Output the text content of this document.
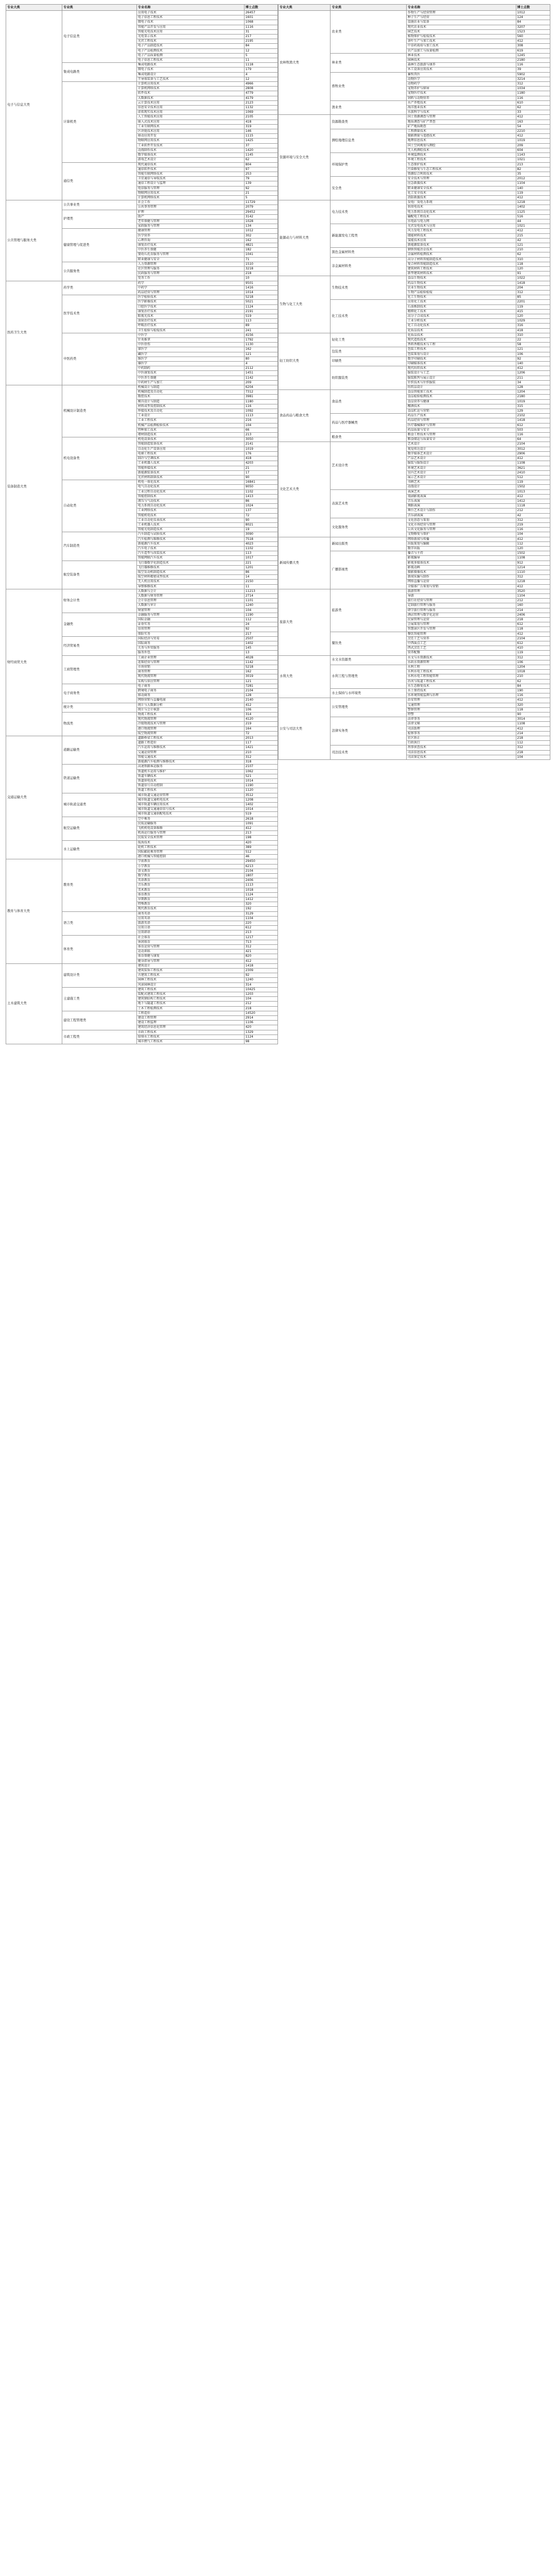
专业大类	专业类	专业名称	博士点数
电子与信息大类	电子信息类	应用电子技术	26457
		电子信息工程技术	1601
		微电子技术	1068
		智能产品开发与应用	1116
		智能光电技术应用	31
		光电显示技术	217
		光伏工程技术	2195
		电子产品制造技术	84
		电子产品检测技术	12
		电子产品质量检测	5
		电子信息工程技术	11
	集成电路类	集成电路技术	1118
		微电子技术	179
		集成电路设计	4
		半导体装备与工艺技术	12
	计算机类	计算机应用技术	4966
		计算机网络技术	2808
		软件技术	4779
		大数据技术	4179
		云计算技术应用	2123
		信息安全技术应用	1132
		虚拟现实技术应用	1069
		人工智能技术应用	2105
		嵌入式技术应用	418
		工业互联网技术	319
		区块链技术应用	146
		移动应用开发	1115
		物联网应用技术	1425
		工业软件开发技术	37
		动漫制作技术	1420
		数字媒体技术	1145
		游戏艺术设计	62
	通信类	现代通信技术	804
		通信软件技术	97
		智能互联网络技术	253
		卫星通信与导航技术	79
		通信工程设计与监理	139
		电信服务与管理	92
		物联网应用技术	21
		计算机网络技术	5
公共管理与服务大类	公共事业类	社会工作	11729
		公共事务管理	2079
	护理类	护理	29452
		助产	3142
		老年保健与管理	1028
		家政服务与管理	134
	健康管理与促进类	健康管理	1012
		医学营养	302
		心理咨询	162
		康复治疗技术	4821
		中医养生保健	182
		婴幼儿托育服务与管理	1041
		职业健康与安全	71
	公共服务类	人力资源管理	1510
		社区管理与服务	3218
		民政服务与管理	218
		党务工作	10
医药卫生大类	药学类	药学	9501
		中药学	1416
		药品经营与管理	1014
	医学技术类	医学检验技术	5218
		医学影像技术	5021
		口腔医学技术	1124
		康复治疗技术	2191
		眼视光技术	519
		放射治疗技术	113
		呼吸治疗技术	89
		卫生检验与检疫技术	241
	中医药类	中医学	4156
		针灸推拿	1792
		中医骨伤	1130
		蒙医学	162
		藏医学	121
		维医学	80
		傣医学	4
		中药制药	2112
		中医康复技术	1451
		中医养生保健	1142
		中药材生产与加工	209
装备制造大类	机械设计制造类	机械设计与制造	6204
		机械制造及自动化	7312
		数控技术	3981
		模具设计与制造	1180
		材料成型及控制技术	116
		焊接技术及自动化	1092
		工业设计	1113
		工业工程技术	216
		机械产品检测检验技术	104
		特种加工技术	66
		增材制造技术	213
	机电设备类	机电设备技术	3050
		智能制造装备技术	2141
		自动化生产设备应用	1019
		电梯工程技术	176
		制冷与空调技术	418
		工业机器人技术	4203
		智能焊接技术	21
		新能源装备技术	17
		光伏材料制备技术	90
	自动化类	机电一体化技术	16841
		电气自动化技术	9050
		工业过程自动化技术	1102
		智能控制技术	1413
		液压与气动技术	86
		电力系统自动化技术	1024
		工业网络技术	137
		智能机电技术	72
		工业自动化仪表技术	90
		工业机器人技术	8021
		智能光电制造技术	19
	汽车制造类	汽车制造与试验技术	3090
		汽车检测与维修技术	7518
		新能源汽车技术	4023
		汽车电子技术	1102
		汽车造型与改装技术	113
		智能网联汽车技术	1017
	航空装备类	飞行器数字化制造技术	221
		飞行器维修技术	1201
		航空发动机制造技术	86
		航空材料精密成型技术	14
		无人机应用技术	2150
		导弹维修技术	11
财经商贸大类	财务会计类	大数据与会计	11213
		大数据与财务管理	2714
		会计信息管理	1101
		大数据与审计	1240
		财富管理	104
	金融类	金融服务与管理	1190
		国际金融	112
		证券实务	24
		信用管理	92
		保险实务	217
	经济贸易类	国际经济与贸易	2507
		国际商务	1402
		关务与外贸服务	145
		服务外包	13
	工商管理类	工商企业管理	4028
		连锁经营与管理	1142
		市场营销	5218
		商务管理	162
		现代物流管理	3019
		采购与供应管理	121
	电子商务类	电子商务	7281
		跨境电子商务	2104
		移动商务	128
		网络营销与直播电商	2140
	统计类	统计与大数据分析	412
		统计与会计核算	106
	物流类	物流工程技术	314
		现代物流管理	4120
		冷链物流技术与管理	219
		港口物流管理	164
		航空物流管理	72
交通运输大类	道路运输类	道路桥梁工程技术	2013
		道路工程造价	117
		汽车运用与维修技术	1421
		交通运营管理	210
		智能交通技术	312
		新能源汽车检测与维修技术	318
	铁道运输类	高速铁路客运服务	2107
		铁道机车运用与维护	1062
		铁道车辆技术	521
		铁道供电技术	1014
		铁道信号自动控制	1190
		铁道工程技术	1120
	城市轨道交通类	城市轨道交通运营管理	3512
		城市轨道交通机电技术	1208
		城市轨道车辆应用技术	1402
		城市轨道交通通信信号技术	1014
		城市轨道交通供配电技术	519
	航空运输类	空中乘务	2618
		民航运输服务	1091
		飞机机电设备维修	412
		机场运行服务与管理	213
		民航安全技术管理	198
	水上运输类	航海技术	420
		轮机工程技术	389
		国际邮轮乘务管理	512
		港口机械与智能控制	46
教育与体育大类	教育类	学前教育	29450
		小学教育	6213
		语文教育	2104
		数学教育	1807
		英语教育	2406
		音乐教育	1113
		美术教育	1018
		体育教育	1124
		早期教育	1412
		特殊教育	320
		现代教育技术	192
	语言类	商务英语	3129
		应用英语	1104
		旅游英语	220
		应用日语	612
		应用韩语	213
	体育类	社会体育	1217
		休闲体育	713
		体育运营与管理	312
		运动训练	421
		体育保健与康复	820
		健身指导与管理	412
土木建筑大类	建筑设计类	建筑设计	1418
		建筑装饰工程技术	2309
		古建筑工程技术	92
		园林工程技术	1240
		风景园林设计	314
	土建施工类	建筑工程技术	10425
		装配式建筑工程技术	1203
		建筑钢结构工程技术	104
		地下与隧道工程技术	212
		土木工程检测技术	218
	建设工程管理类	工程造价	14520
		建设工程管理	2914
		建设工程监理	1106
		建筑经济信息化管理	420
	市政工程类	市政工程技术	1329
		给排水工程技术	1124
		城市燃气工程技术	98
专业大类	专业类	专业名称	博士点数
农林牧渔大类	农业类	作物生产与经营管理	1012
		种子生产与经营	124
		设施农业与装备	84
		现代农业技术	3207
		园艺技术	1523
		植物保护与检疫技术	560
		茶叶生产与加工技术	412
		中草药栽培与加工技术	308
		农产品加工与质量检测	619
	林业类	林业技术	1245
		园林技术	2180
		森林生态旅游与康养	116
		木工设备应用技术	39
	畜牧业类	畜牧兽医	5902
		动物医学	3214
		动物药学	312
		宠物养护与驯导	1034
		宠物医疗技术	1180
		饲料与动物营养	116
	渔业类	水产养殖技术	610
		海洋渔业技术	62
		水族科学与技术	33
资源环境与安全大类	资源勘查类	国土资源调查与管理	412
		地质调查与矿产普查	163
		矿产地质勘查	54
	测绘地理信息类	工程测量技术	2210
		摄影测量与遥感技术	412
		地理信息技术	1019
		国土空间规划与测绘	209
		无人机测绘技术	604
	环境保护类	环境监测技术	1143
		环境工程技术	1021
		生态保护技术	213
		污染修复与生态工程技术	82
		资源综合利用技术	35
	安全类	安全技术与管理	2012
		应急救援技术	1104
		职业健康安全技术	140
		化工安全技术	119
		消防救援技术	412
能源动力与材料大类	电力技术类	发电厂及电力系统	1218
		供用电技术	1402
		电力系统自动化技术	1125
		输配电工程技术	516
		水电站与电力网	44
	新能源发电工程类	光伏发电技术与应用	1021
		风力发电工程技术	412
		储能材料技术	215
		氢能技术应用	42
		新能源装备技术	121
	黑色金属材料类	钢铁智能冶金技术	210
		金属材料检测技术	62
	非金属材料类	高分子材料智能制造技术	310
		复合材料智能制造技术	118
		建筑材料工程技术	120
		新型建筑材料技术	91
生物与化工大类	生物技术类	食品生物技术	1022
		药品生物技术	1418
		农业生物技术	204
		生物产品检验检疫	312
		化工生物技术	85
	化工技术类	应用化工技术	2201
		石油炼制技术	119
		精细化工技术	415
		高分子合成技术	120
		工业分析技术	1029
		化工自动化技术	316
		化妆品技术	418
轻工纺织大类	轻化工类	化妆品技术	310
		现代造纸技术	22
		香料香精技术与工程	58
	包装类	包装工程技术	121
		包装策划与设计	106
	印刷类	数字印刷技术	92
		印刷媒体技术	140
	纺织服装类	现代纺织技术	412
		服装设计与工艺	1206
		服装陈列与展示设计	211
		针织技术与针织服装	34
		纺织品设计	128
食品药品与粮食大类	食品类	食品智能加工技术	1204
		食品检验检测技术	2180
		食品营养与健康	1019
		酿酒技术	315
		食品贮运与营销	129
	药品与医疗器械类	药品生产技术	2102
		药品经营与管理	1418
		医疗器械维护与管理	612
		药品质量与安全	503
	粮食类	粮食工程技术与管理	116
		粮食储运与质量安全	64
文化艺术大类	艺术设计类	艺术设计	2104
		视觉传达设计	3012
		数字媒体艺术设计	2906
		产品艺术设计	412
		服装与服饰设计	1108
		环境艺术设计	3621
		室内艺术设计	2410
		展示艺术设计	512
		书画艺术	119
		动漫设计	1502
	表演艺术类	表演艺术	1013
		戏剧影视表演	412
		音乐表演	1412
		舞蹈表演	1118
		舞台艺术设计与制作	212
		音乐剧表演	42
	文化服务类	文化创意与策划	312
		文化市场经营与管理	219
		公共文化服务与管理	116
		文物修复与保护	104
新闻传播大类	新闻出版类	网络新闻与传播	412
		出版策划与编辑	112
		数字出版	120
	广播影视类	播音与主持	1502
		影视编导	1108
		影视多媒体技术	912
		影视动画	1214
		摄影摄像技术	1110
		新闻采编与制作	312
		网络直播与运营	1218
		全媒体广告策划与营销	412
旅游大类	旅游类	旅游管理	3520
		导游	1104
		旅行社经营与管理	212
		定制旅行管理与服务	160
		研学旅行管理与服务	214
		酒店管理与数字化运营	2406
		民宿管理与运营	218
		会展策划与管理	612
		智慧景区开发与管理	118
	餐饮类	餐饮智能管理	412
		烹饪工艺与营养	2104
		中西面点工艺	612
		西式烹饪工艺	410
		营养配餐	119
水利大类	水文水资源类	水文与水资源技术	312
		水政水资源管理	106
	水利工程与管理类	水利工程	1204
		水利水电工程技术	1018
		水利水电工程智能管理	210
		治河与航道工程技术	62
		水生态修复技术	84
	水土保持与水环境类	水土保持技术	190
		水环境智能监测与治理	116
公安与司法大类	公安管理类	治安管理	412
		交通管理	320
		警察管理	118
		特警	90
	法律实务类	法律事务	3014
		法律文秘	1108
		司法助理	412
		检察事务	214
		社区矫正	218
		行政执行	112
	司法技术类	刑事侦查技术	312
		司法信息技术	218
		司法鉴定技术	104
